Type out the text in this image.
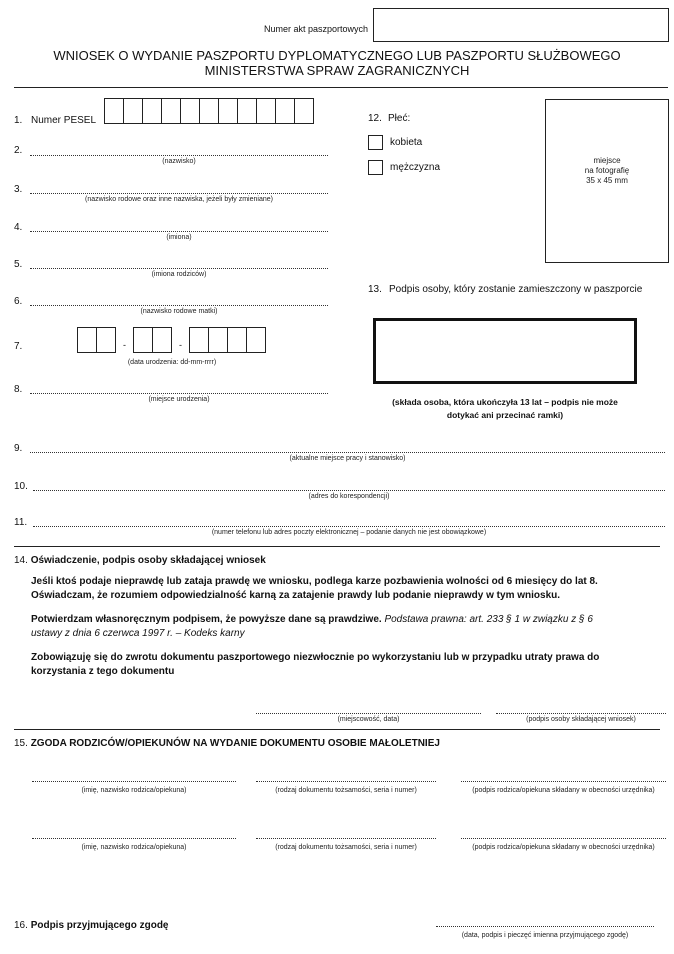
Numer akt paszportowych
WNIOSEK O WYDANIE PASZPORTU DYPLOMATYCZNEGO LUB PASZPORTU SŁUŻBOWEGO
MINISTERSTWA SPRAW ZAGRANICZNYCH
1. Numer PESEL
2.
(nazwisko)
3.
(nazwisko rodowe oraz inne nazwiska, jeżeli były zmieniane)
4.
(imiona)
5.
(imiona rodziców)
6.
(nazwisko rodowe matki)
7.	-	-
(data urodzenia: dd-mm-rrrr)
8.
(miejsce urodzenia)
12. Płeć:
kobieta
mężczyzna
miejsce
na fotografię
35 x 45 mm
13. Podpis osoby, który zostanie zamieszczony w paszporcie
(składa osoba, która ukończyła 13 lat – podpis nie może
dotykać ani przecinać ramki)
9.
(aktualne miejsce pracy i stanowisko)
10.
(adres do korespondencji)
11.
(numer telefonu lub adres poczty elektronicznej – podanie danych nie jest obowiązkowe)
14. Oświadczenie, podpis osoby składającej wniosek
Jeśli ktoś podaje nieprawdę lub zataja prawdę we wniosku, podlega karze pozbawienia wolności od 6 miesięcy do lat 8.
Oświadczam, że rozumiem odpowiedzialność karną za zatajenie prawdy lub podanie nieprawdy w tym wniosku.
Potwierdzam własnoręcznym podpisem, że powyższe dane są prawdziwe. Podstawa prawna: art. 233 § 1 w związku z § 6
ustawy z dnia 6 czerwca 1997 r. – Kodeks karny
Zobowiązuję się do zwrotu dokumentu paszportowego niezwłocznie po wykorzystaniu lub w przypadku utraty prawa do
korzystania z tego dokumentu
(miejscowość, data)	(podpis osoby składającej wniosek)
15. ZGODA RODZICÓW/OPIEKUNÓW NA WYDANIE DOKUMENTU OSOBIE MAŁOLETNIEJ
(imię, nazwisko rodzica/opiekuna)	(rodzaj dokumentu tożsamości, seria i numer)	(podpis rodzica/opiekuna składany w obecności urzędnika)
(imię, nazwisko rodzica/opiekuna)	(rodzaj dokumentu tożsamości, seria i numer)	(podpis rodzica/opiekuna składany w obecności urzędnika)
16. Podpis przyjmującego zgodę
(data, podpis i pieczęć imienna przyjmującego zgodę)
